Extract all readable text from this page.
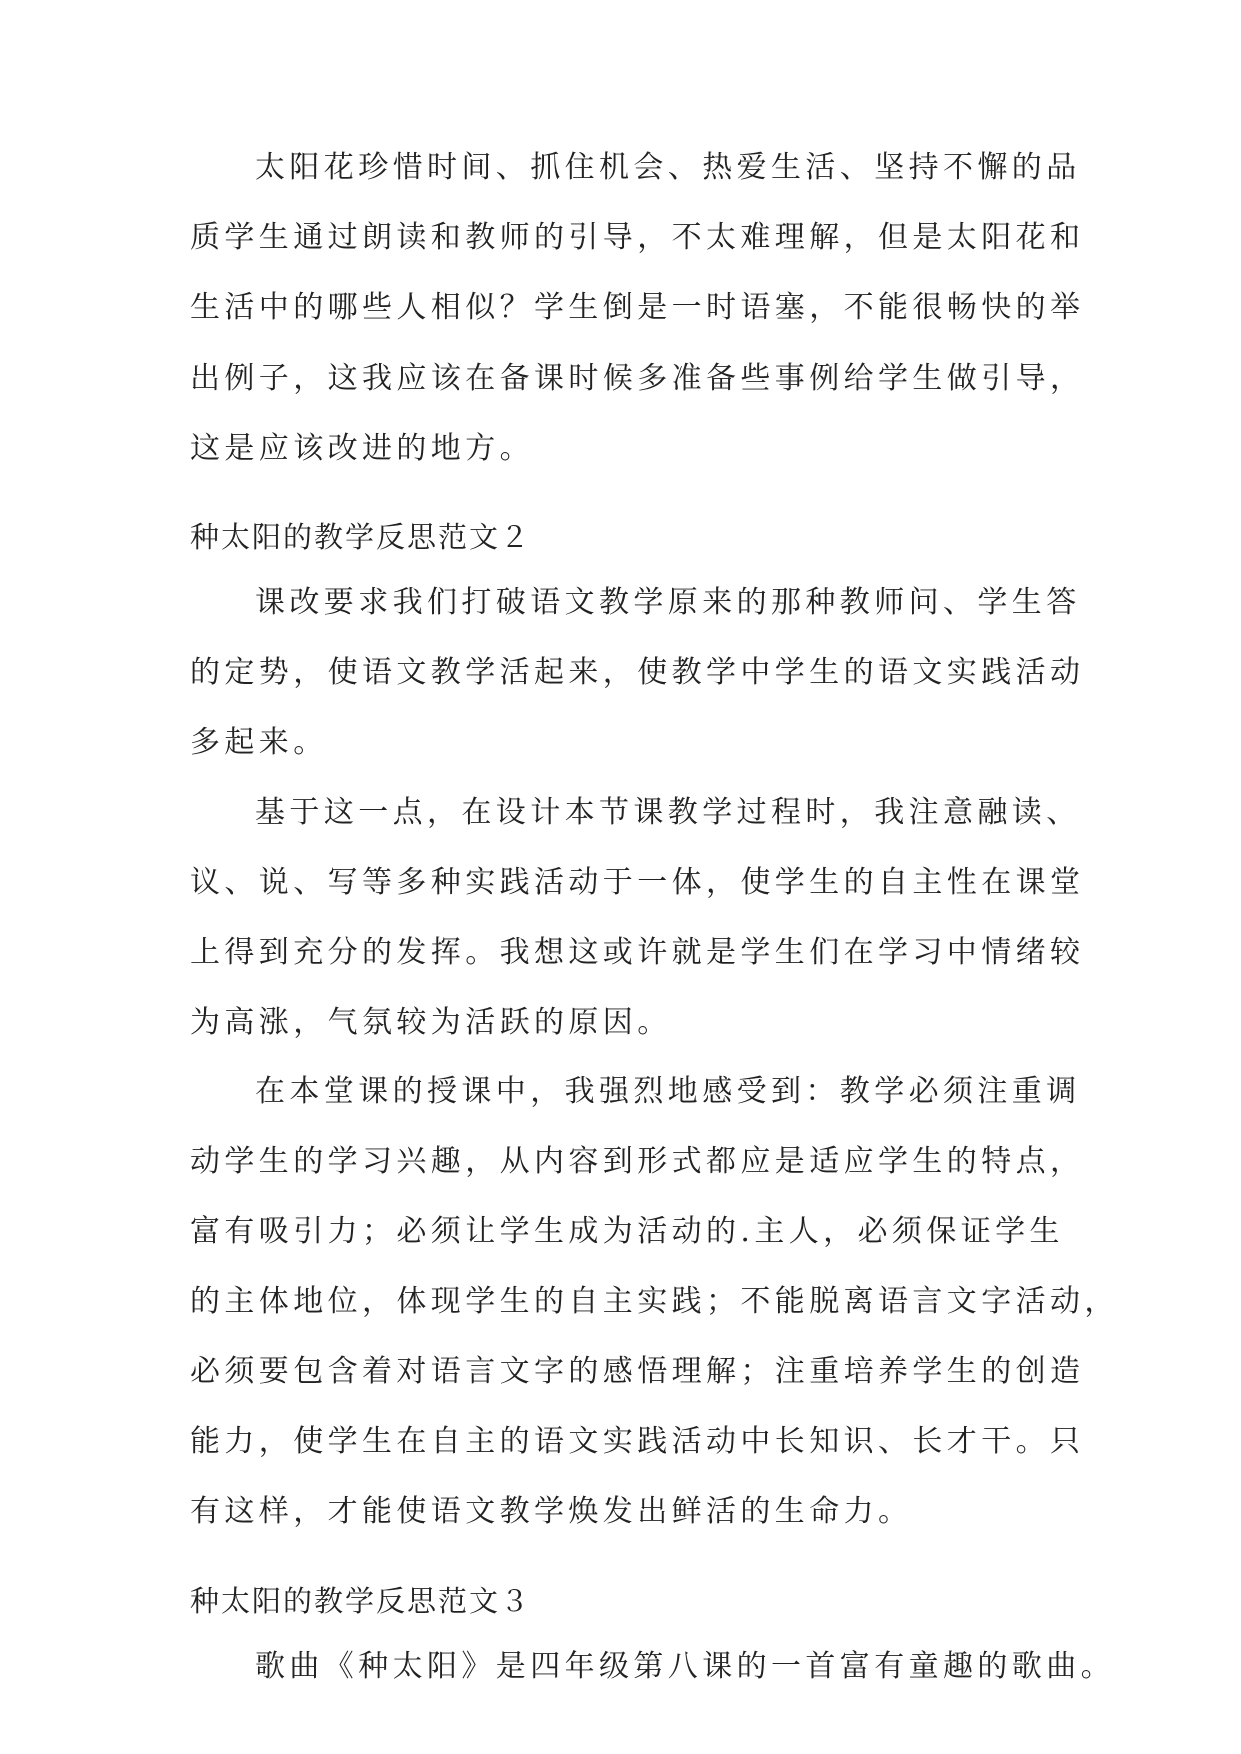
太阳花珍惜时间、抓住机会、热爱生活、坚持不懈的品
质学生通过朗读和教师的引导，不太难理解，但是太阳花和
生活中的哪些人相似？学生倒是一时语塞，不能很畅快的举
出例子，这我应该在备课时候多准备些事例给学生做引导，
这是应该改进的地方。
种太阳的教学反思范文２
课改要求我们打破语文教学原来的那种教师问、学生答
的定势，使语文教学活起来，使教学中学生的语文实践活动
多起来。
基于这一点，在设计本节课教学过程时，我注意融读、
议、说、写等多种实践活动于一体，使学生的自主性在课堂
上得到充分的发挥。我想这或许就是学生们在学习中情绪较
为高涨，气氛较为活跃的原因。
在本堂课的授课中，我强烈地感受到：教学必须注重调
动学生的学习兴趣，从内容到形式都应是适应学生的特点，
富有吸引力；必须让学生成为活动的.主人，必须保证学生
的主体地位，体现学生的自主实践；不能脱离语言文字活动，
必须要包含着对语言文字的感悟理解；注重培养学生的创造
能力，使学生在自主的语文实践活动中长知识、长才干。只
有这样，才能使语文教学焕发出鲜活的生命力。
种太阳的教学反思范文３
歌曲《种太阳》是四年级第八课的一首富有童趣的歌曲。
